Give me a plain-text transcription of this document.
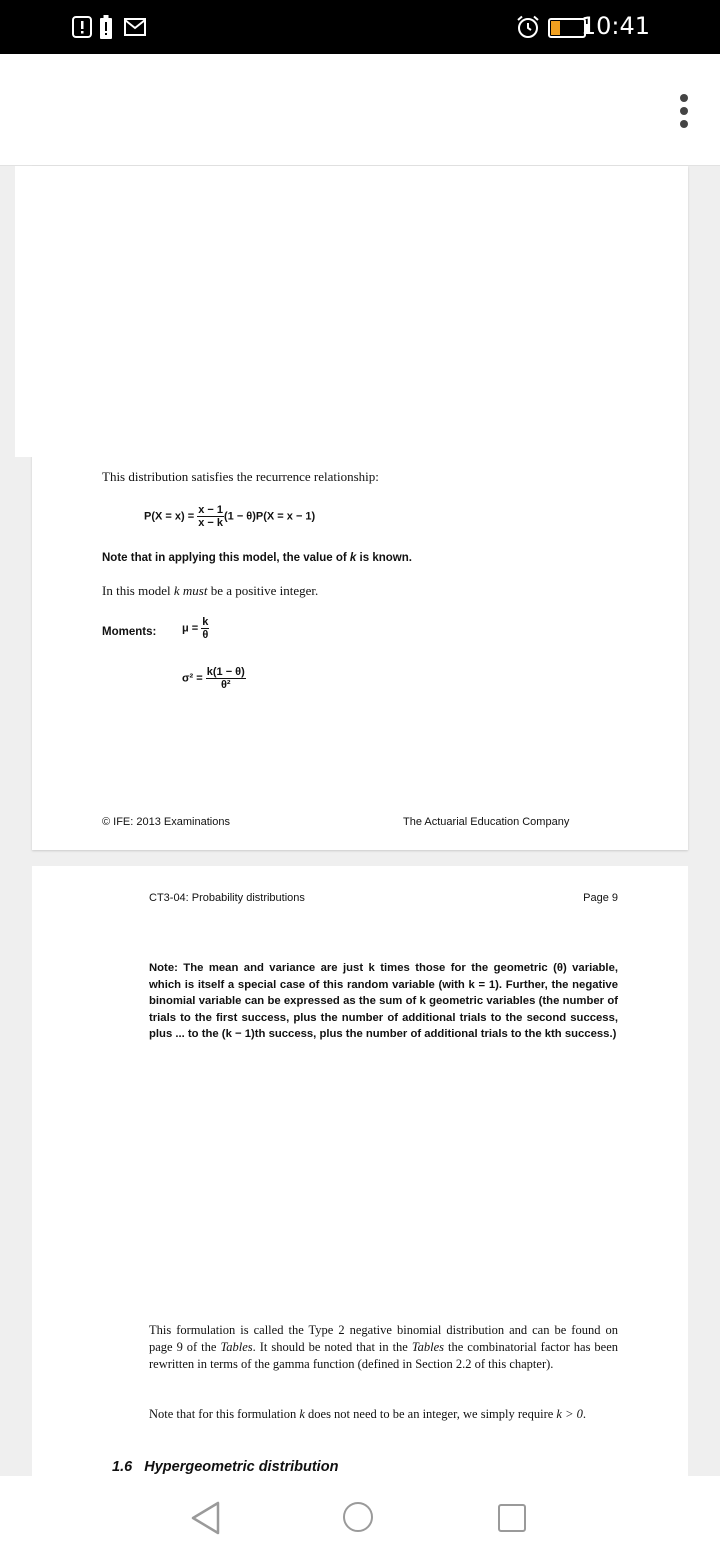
10:41
This distribution satisfies the recurrence relationship:
$P(X = x) = \frac{x - 1}{x - k} (1 - \theta)P(X = x - 1)$
Note that in applying this model, the value of k is known.
In this model k must be a positive integer.
Moments: $\mu = \frac{k}{\theta}$
$\sigma^2 = \frac{k(1 - \theta)}{\text{θ²}}$
© IFE: 2013 Examinations	The Actuarial Education Company
CT3-04: Probability distributions	Page 9
Note: The mean and variance are just k times those for the geometric (θ) variable, which is itself a special case of this random variable (with k = 1). Further, the negative binomial variable can be expressed as the sum of k geometric variables (the number of trials to the first success, plus the number of additional trials to the second success, plus ... to the (k − 1)th success, plus the number of additional trials to the kth success.)
This formulation is called the Type 2 negative binomial distribution and can be found on page 9 of the Tables. It should be noted that in the Tables the combinatorial factor has been rewritten in terms of the gamma function (defined in Section 2.2 of this chapter).
Note that for this formulation k does not need to be an integer, we simply require k > 0.
1.6 Hypergeometric distribution
